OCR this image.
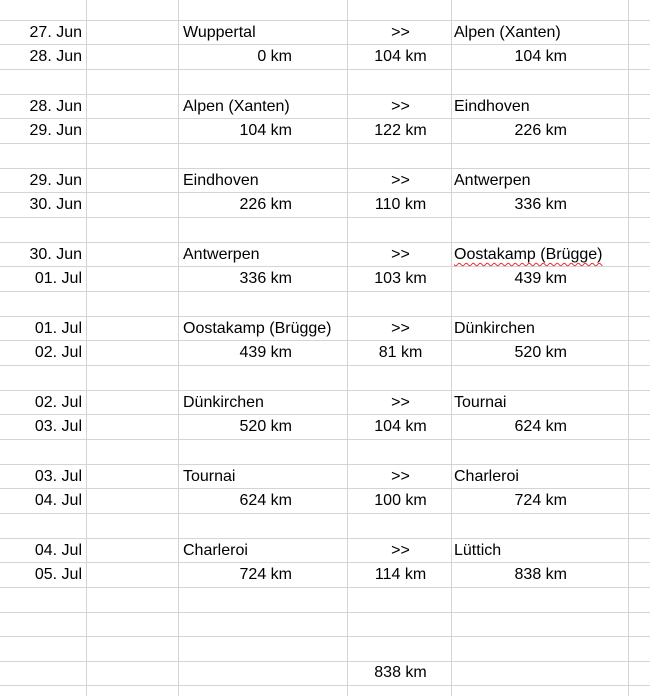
27. Jun	Wuppertal	>>	Alpen (Xanten)
28. Jun	0 km	104 km	104 km
28. Jun	Alpen (Xanten)	>>	Eindhoven
29. Jun	104 km	122 km	226 km
29. Jun	Eindhoven	>>	Antwerpen
30. Jun	226 km	110 km	336 km
30. Jun	Antwerpen	>>	Oostakamp (Brügge)
01. Jul	336 km	103 km	439 km
01. Jul	Oostakamp (Brügge)	>>	Dünkirchen
02. Jul	439 km	81 km	520 km
02. Jul	Dünkirchen	>>	Tournai
03. Jul	520 km	104 km	624 km
03. Jul	Tournai	>>	Charleroi
04. Jul	624 km	100 km	724 km
04. Jul	Charleroi	>>	Lüttich
05. Jul	724 km	114 km	838 km
838 km
